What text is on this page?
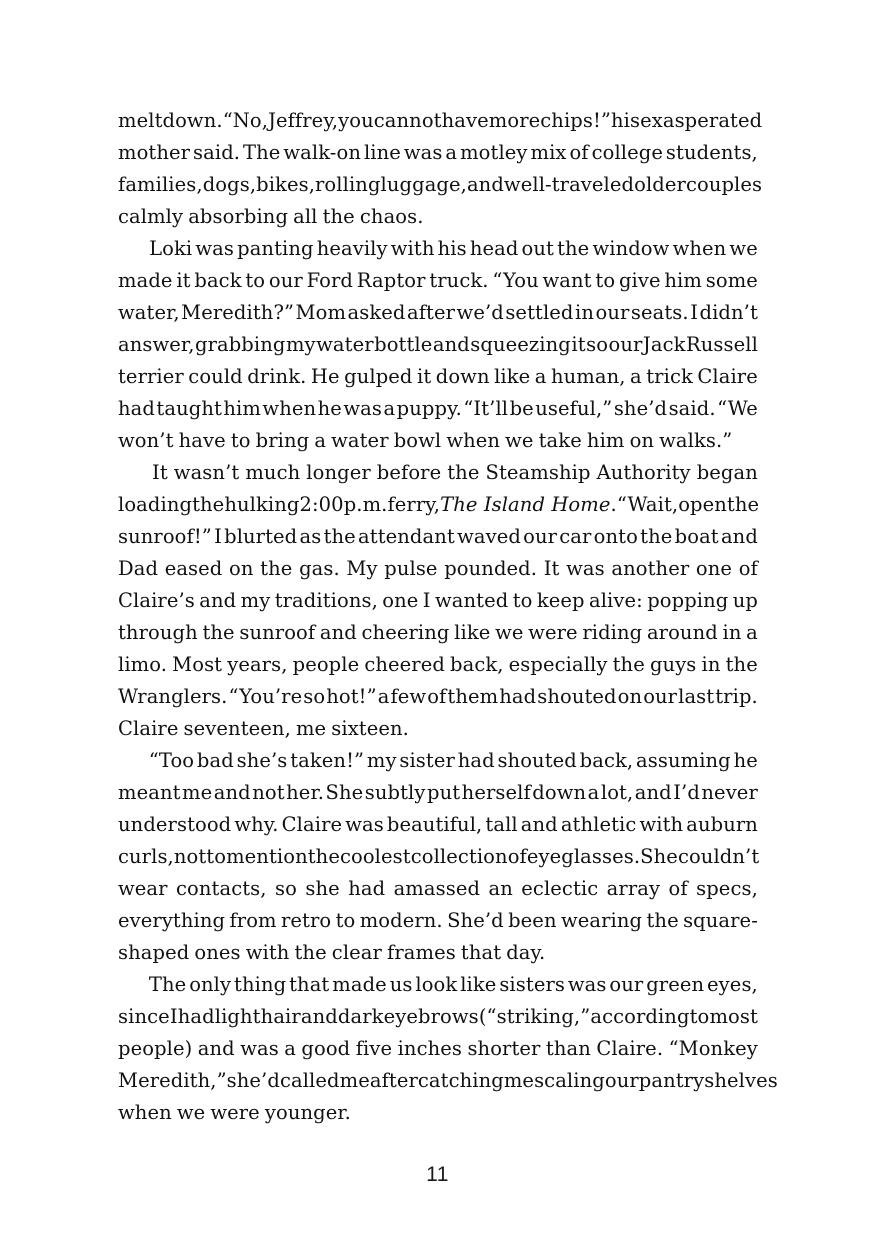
meltdown. “No, Jeffrey, you cannot have more chips!” his exasperated
mother said. The walk-on line was a motley mix of college students,
families, dogs, bikes, rolling luggage, and well-traveled older couples
calmly absorbing all the chaos.
Loki was panting heavily with his head out the window when we
made it back to our Ford Raptor truck. “You want to give him some
water, Meredith?” Mom asked after we’d settled in our seats. I didn’t
answer, grabbing my water bottle and squeezing it so our Jack Russell
terrier could drink. He gulped it down like a human, a trick Claire
had taught him when he was a puppy. “It’ll be useful,” she’d said. “We
won’t have to bring a water bowl when we take him on walks.”
It wasn’t much longer before the Steamship Authority began
loading the hulking 2:00 p.m. ferry, The Island Home. “Wait, open the
sunroof!” I blurted as the attendant waved our car onto the boat and
Dad eased on the gas. My pulse pounded. It was another one of
Claire’s and my traditions, one I wanted to keep alive: popping up
through the sunroof and cheering like we were riding around in a
limo. Most years, people cheered back, especially the guys in the
Wranglers. “You’re so hot!” a few of them had shouted on our last trip.
Claire seventeen, me sixteen.
“Too bad she’s taken!” my sister had shouted back, assuming he
meant me and not her. She subtly put herself down a lot, and I’d never
understood why. Claire was beautiful, tall and athletic with auburn
curls, not to mention the coolest collection of eyeglasses. She couldn’t
wear contacts, so she had amassed an eclectic array of specs,
everything from retro to modern. She’d been wearing the square-
shaped ones with the clear frames that day.
The only thing that made us look like sisters was our green eyes,
since I had light hair and dark eyebrows (“striking,” according to most
people) and was a good five inches shorter than Claire. “Monkey
Meredith,” she’d called me after catching me scaling our pantry shelves
when we were younger.
11
